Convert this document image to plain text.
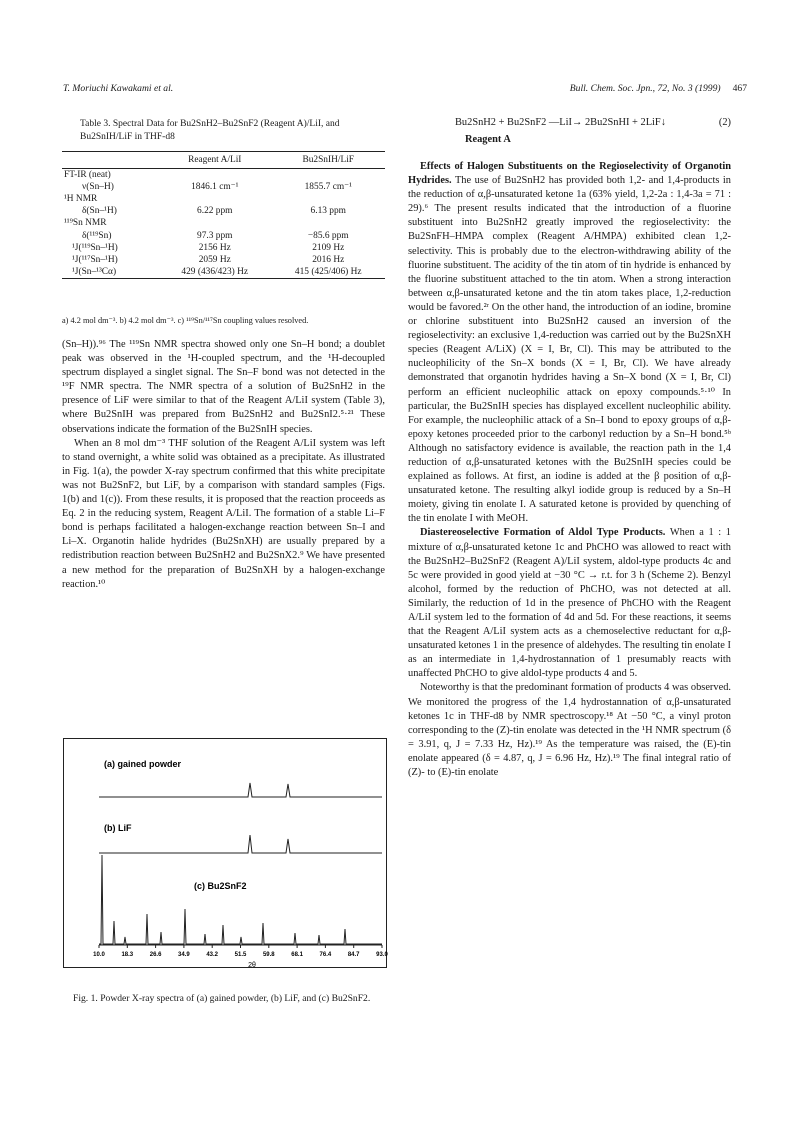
T. Moriuchi Kawakami et al.	Bull. Chem. Soc. Jpn., 72, No. 3 (1999) 467
Table 3. Spectral Data for Bu2SnH2–Bu2SnF2 (Reagent A)/LiI, and Bu2SnIH/LiF in THF-d8
	Reagent A/LiI	Bu2SnIH/LiF
FT-IR (neat)		
ν(Sn–H)	1846.1 cm⁻¹	1855.7 cm⁻¹
¹H NMR		
δ(Sn–¹H)	6.22 ppm	6.13 ppm
¹¹⁹Sn NMR		
δ(¹¹⁹Sn)	97.3 ppm	−85.6 ppm
¹J(¹¹⁹Sn–¹H)	2156 Hz	2109 Hz
¹J(¹¹⁷Sn–¹H)	2059 Hz	2016 Hz
¹J(Sn–¹³Cα)	429 (436/423) Hz	415 (425/406) Hz
a) 4.2 mol dm⁻³. b) 4.2 mol dm⁻³. c) ¹¹⁹Sn/¹¹⁷Sn coupling values resolved.

(Sn–H)).⁹⁶ The ¹¹⁹Sn NMR spectra showed only one Sn–H bond; a doublet peak was observed in the ¹H-coupled spectrum, and the ¹H-decoupled spectrum displayed a singlet signal. The Sn–F bond was not detected in the ¹⁹F NMR spectra. The NMR spectra of a solution of Bu2SnH2 in the presence of LiF were similar to that of the Reagent A/LiI system (Table 3), where Bu2SnIH was prepared from Bu2SnH2 and Bu2SnI2.⁵·²¹ These observations indicate the formation of the Bu2SnIH species.

When an 8 mol dm⁻³ THF solution of the Reagent A/LiI system was left to stand overnight, a white solid was obtained as a precipitate. As illustrated in Fig. 1(a), the powder X-ray spectrum confirmed that this white precipitate was not Bu2SnF2, but LiF, by a comparison with standard samples (Figs. 1(b) and 1(c)). From these results, it is proposed that the reaction proceeds as Eq. 2 in the reducing system, Reagent A/LiI. The formation of a stable Li–F bond is perhaps facilitated a halogen-exchange reaction between Sn–I and Li–X. Organotin halide hydrides (Bu2SnXH) are usually prepared by a redistribution reaction between Bu2SnH2 and Bu2SnX2.⁹ We have presented a new method for the preparation of Bu2SnXH by a halogen-exchange reaction.¹⁰

Bu2SnH2 + Bu2SnF2 —LiI→ 2Bu2SnHI + 2LiF↓	(2)
Reagent A

Effects of Halogen Substituents on the Regioselectivity of Organotin Hydrides. The use of Bu2SnH2 has provided both 1,2- and 1,4-products in the reduction of α,β-unsaturated ketone 1a (63% yield, 1,2-2a : 1,4-3a = 71 : 29).⁶ The present results indicated that the introduction of a fluorine substituent into Bu2SnH2 greatly improved the regioselectivity: the Bu2SnFH–HMPA complex (Reagent A/HMPA) exhibited clean 1,2-selectivity. This is probably due to the electron-withdrawing ability of the fluorine substituent. The acidity of the tin atom of tin hydride is enhanced by the fluorine substituent attached to the tin atom. When a strong interaction between α,β-unsaturated ketone and the tin atom takes place, 1,2-reduction would be favored.²ʳ On the other hand, the introduction of an iodine, bromine or chlorine substituent into Bu2SnH2 caused an inversion of the regioselectivity: an exclusive 1,4-reduction was carried out by the Bu2SnXH species (Reagent A/LiX) (X = I, Br, Cl). This may be attributed to the nucleophilicity of the Sn–X bonds (X = I, Br, Cl). We have already demonstrated that organotin hydrides having a Sn–X bond (X = I, Br, Cl) perform an efficient nucleophilic attack on epoxy compounds.⁵·¹⁰ In particular, the Bu2SnIH species has displayed excellent nucleophilic ability. For example, the nucleophilic attack of a Sn–I bond to epoxy groups of α,β-epoxy ketones proceeded prior to the carbonyl reduction by a Sn–H bond.⁵ᵇ Although no satisfactory evidence is available, the reaction path in the 1,4 reduction of α,β-unsaturated ketones with the Bu2SnIH species could be explained as follows. At first, an iodine is added at the β position of α,β-unsaturated ketone. The resulting alkyl iodide group is reduced by a Sn–H moiety, giving tin enolate I. A saturated ketone is provided by quenching of the tin enolate I with MeOH.

Diastereoselective Formation of Aldol Type Products. When a 1 : 1 mixture of α,β-unsaturated ketone 1c and PhCHO was allowed to react with the Bu2SnH2–Bu2SnF2 (Reagent A)/LiI system, aldol-type products 4c and 5c were provided in good yield at −30 °C → r.t. for 3 h (Scheme 2). Benzyl alcohol, formed by the reduction of PhCHO, was not detected at all. Similarly, the reduction of 1d in the presence of PhCHO with the Reagent A/LiI system led to the formation of 4d and 5d. For these reactions, it seems that the Reagent A/LiI system acts as a chemoselective reductant for α,β-unsaturated ketones 1 in the presence of aldehydes. The resulting tin enolate I as an intermediate in 1,4-hydrostannation of 1 presumably reacts with unaffected PhCHO to give aldol-type products 4 and 5.

Noteworthy is that the predominant formation of products 4 was observed. We monitored the progress of the 1,4 hydrostannation of α,β-unsaturated ketones 1c in THF-d8 by NMR spectroscopy.¹⁸ At −50 °C, a vinyl proton corresponding to the (Z)-tin enolate was detected in the ¹H NMR spectrum (δ = 3.91, q, J = 7.33 Hz, Hz).¹⁹ As the temperature was raised, the (E)-tin enolate appeared (δ = 4.87, q, J = 6.96 Hz, Hz).¹⁹ The final integral ratio of (Z)- to (E)-tin enolate

(a) gained powder
(b) LiF
(c) Bu2SnF2
10.0	18.3	26.6	34.9	43.2	51.5	59.8	68.1	76.4	84.7	93.0
2θ
Fig. 1. Powder X-ray spectra of (a) gained powder, (b) LiF, and (c) Bu2SnF2.
